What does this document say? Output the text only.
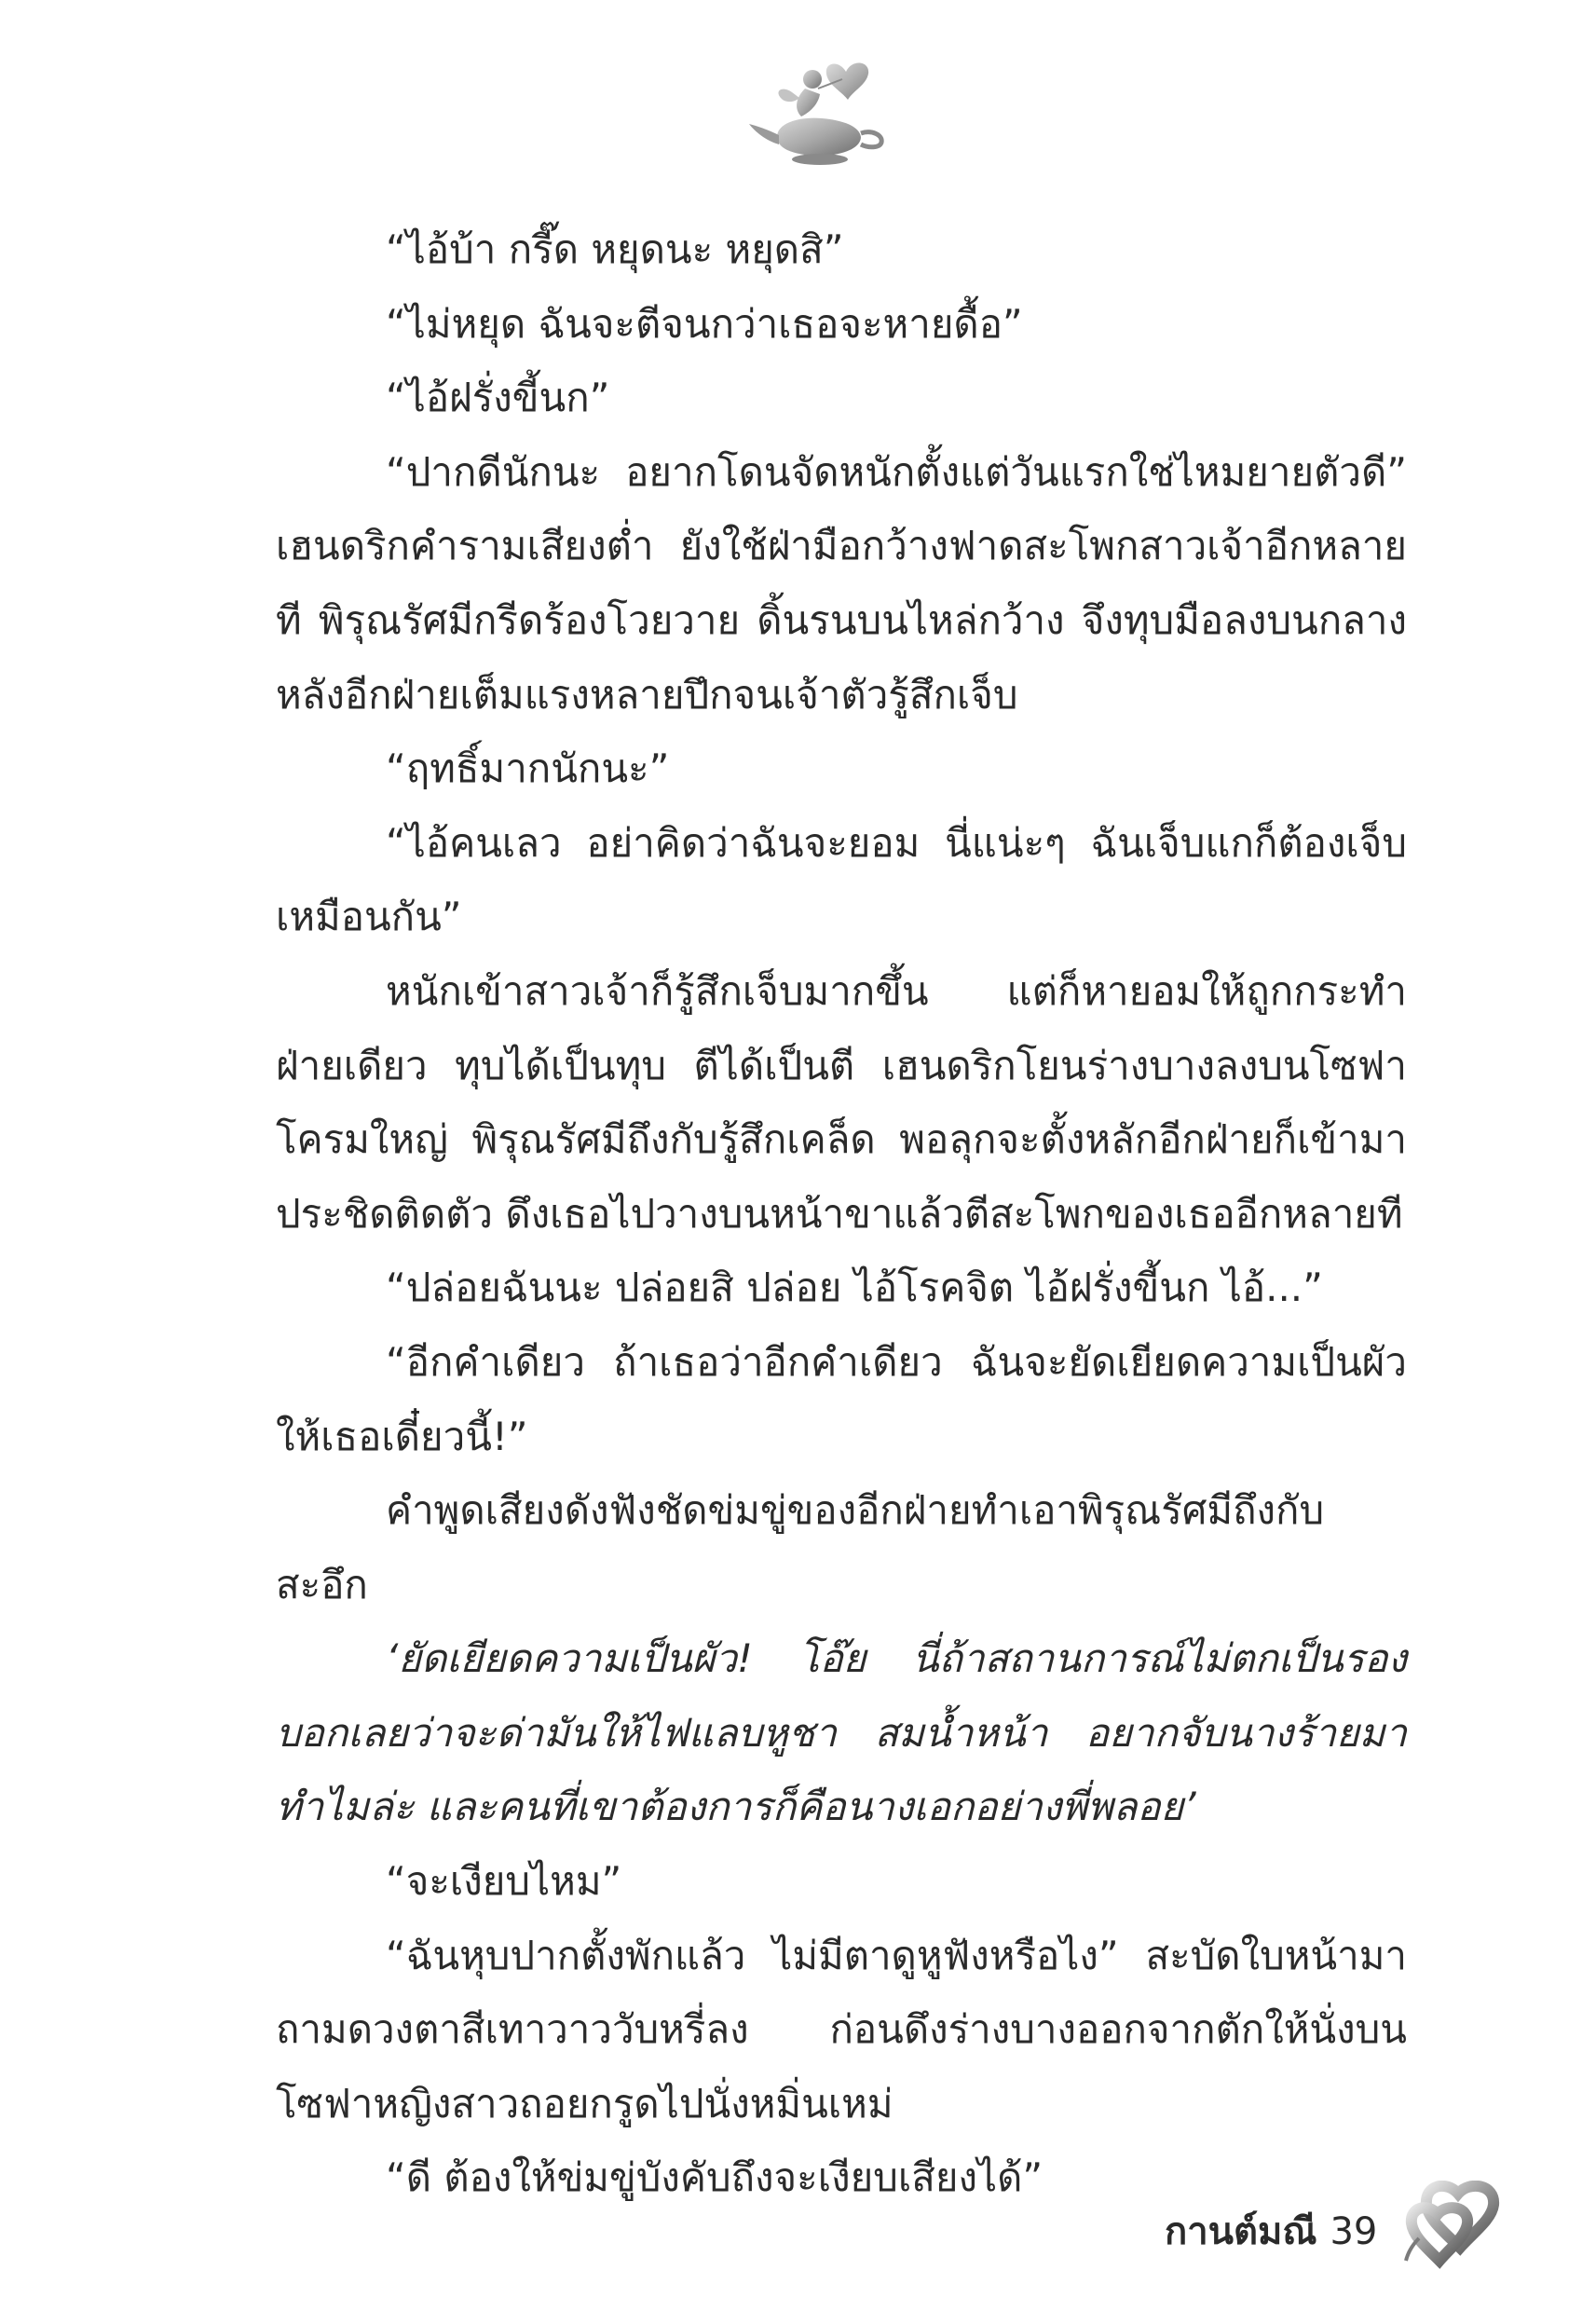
“ไอ้บ้า กรี๊ด หยุดนะ หยุดสิ”

“ไม่หยุด ฉันจะตีจนกว่าเธอจะหายดื้อ”

“ไอ้ฝรั่งขี้นก”

“ปากดีนักนะ อยากโดนจัดหนักตั้งแต่วันแรกใช่ไหมยายตัวดี” เฮนดริกคำรามเสียงต่ำ ยังใช้ฝ่ามือกว้างฟาดสะโพกสาวเจ้าอีกหลายที พิรุณรัศมีกรีดร้องโวยวาย ดิ้นรนบนไหล่กว้าง จึงทุบมือลงบนกลางหลังอีกฝ่ายเต็มแรงหลายปึกจนเจ้าตัวรู้สึกเจ็บ

“ฤทธิ์มากนักนะ”

“ไอ้คนเลว อย่าคิดว่าฉันจะยอม นี่แน่ะๆ ฉันเจ็บแกก็ต้องเจ็บเหมือนกัน”

หนักเข้าสาวเจ้าก็รู้สึกเจ็บมากขึ้น แต่ก็หายอมให้ถูกกระทำฝ่ายเดียว ทุบได้เป็นทุบ ตีได้เป็นตี เฮนดริกโยนร่างบางลงบนโซฟาโครมใหญ่ พิรุณรัศมีถึงกับรู้สึกเคล็ด พอลุกจะตั้งหลักอีกฝ่ายก็เข้ามาประชิดติดตัว ดึงเธอไปวางบนหน้าขาแล้วตีสะโพกของเธออีกหลายที

“ปล่อยฉันนะ ปล่อยสิ ปล่อย ไอ้โรคจิต ไอ้ฝรั่งขี้นก ไอ้...”

“อีกคำเดียว ถ้าเธอว่าอีกคำเดียว ฉันจะยัดเยียดความเป็นผัวให้เธอเดี๋ยวนี้!”

คำพูดเสียงดังฟังชัดข่มขู่ของอีกฝ่ายทำเอาพิรุณรัศมีถึงกับสะอึก

‘ยัดเยียดความเป็นผัว! โอ๊ย นี่ถ้าสถานการณ์ไม่ตกเป็นรองบอกเลยว่าจะด่ามันให้ไฟแลบหูชา สมน้ำหน้า อยากจับนางร้ายมาทำไมล่ะ และคนที่เขาต้องการก็คือนางเอกอย่างพี่พลอย’

“จะเงียบไหม”

“ฉันหุบปากตั้งพักแล้ว ไม่มีตาดูหูฟังหรือไง” สะบัดใบหน้ามาถามดวงตาสีเทาวาววับหรี่ลง ก่อนดึงร่างบางออกจากตักให้นั่งบนโซฟาหญิงสาวถอยกรูดไปนั่งหมิ่นเหม่

“ดี ต้องให้ข่มขู่บังคับถึงจะเงียบเสียงได้”

กานต์มณี 39
